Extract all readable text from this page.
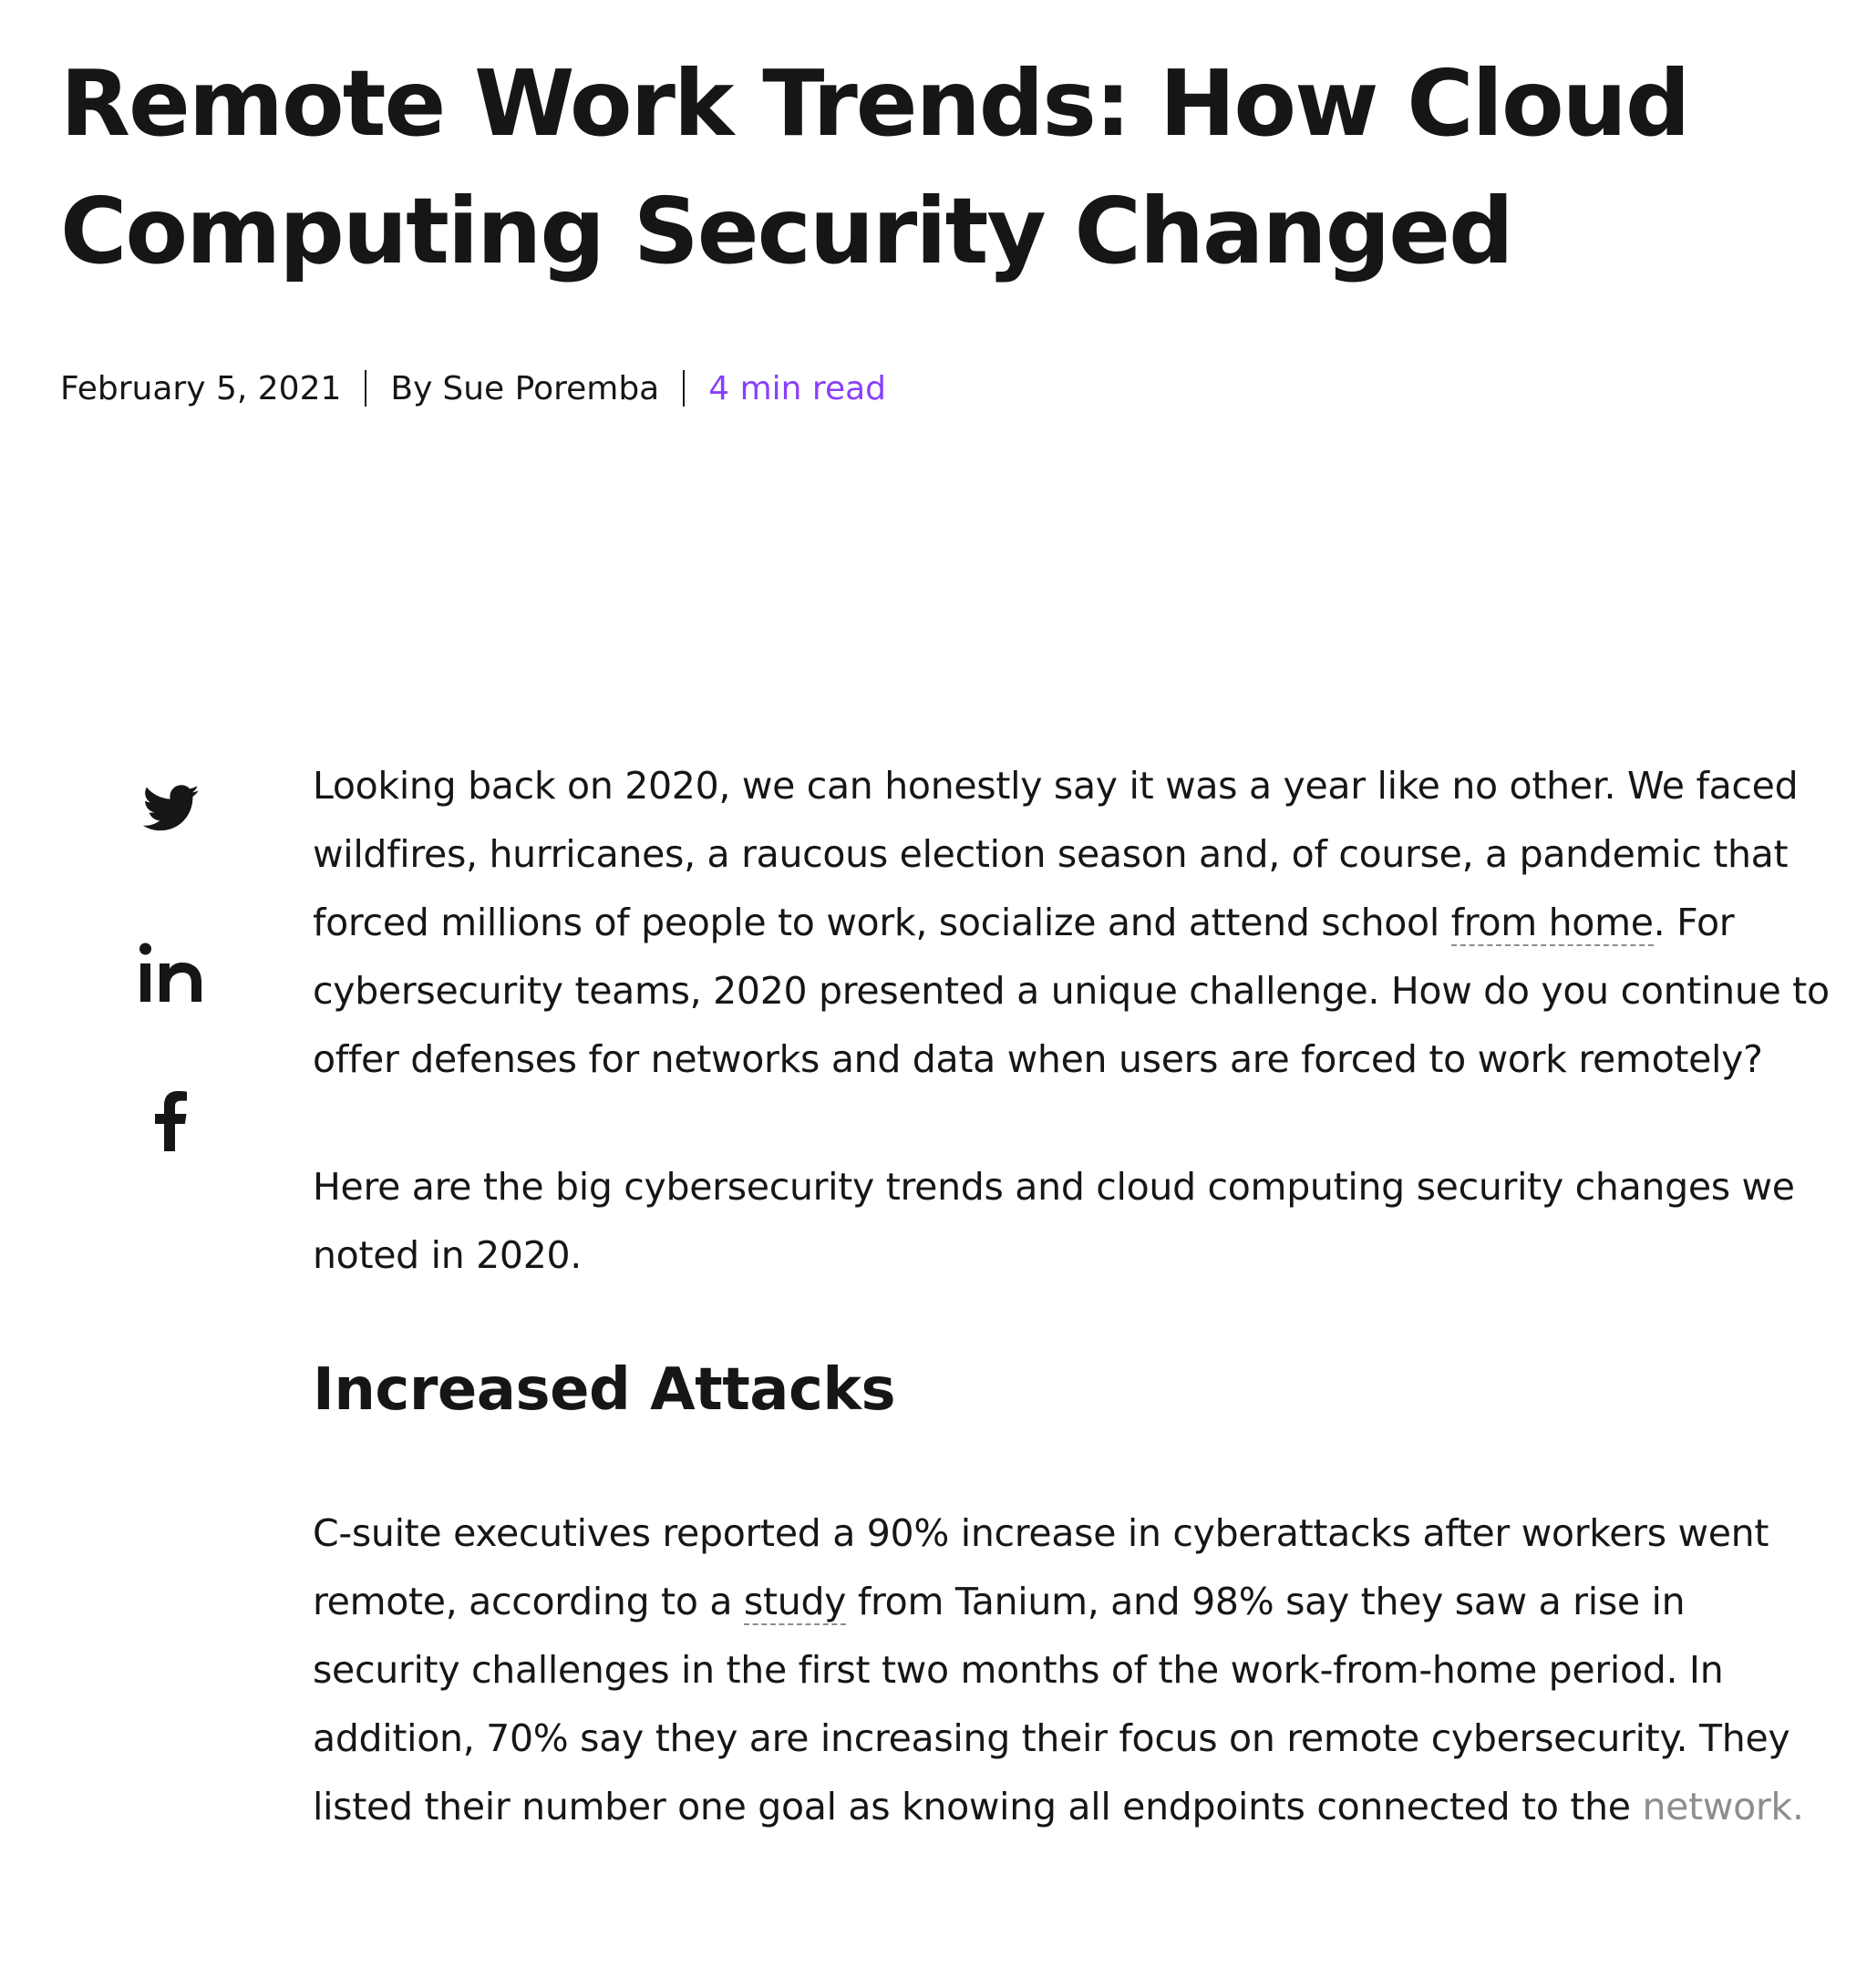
Remote Work Trends: How Cloud Computing Security Changed
February 5, 2021 By Sue Poremba 4 min read

Looking back on 2020, we can honestly say it was a year like no other. We faced wildfires, hurricanes, a raucous election season and, of course, a pandemic that forced millions of people to work, socialize and attend school from home. For cybersecurity teams, 2020 presented a unique challenge. How do you continue to offer defenses for networks and data when users are forced to work remotely?

Here are the big cybersecurity trends and cloud computing security changes we noted in 2020.

Increased Attacks

C-suite executives reported a 90% increase in cyberattacks after workers went remote, according to a study from Tanium, and 98% say they saw a rise in security challenges in the first two months of the work-from-home period. In addition, 70% say they are increasing their focus on remote cybersecurity. They listed their number one goal as knowing all endpoints connected to the network.
